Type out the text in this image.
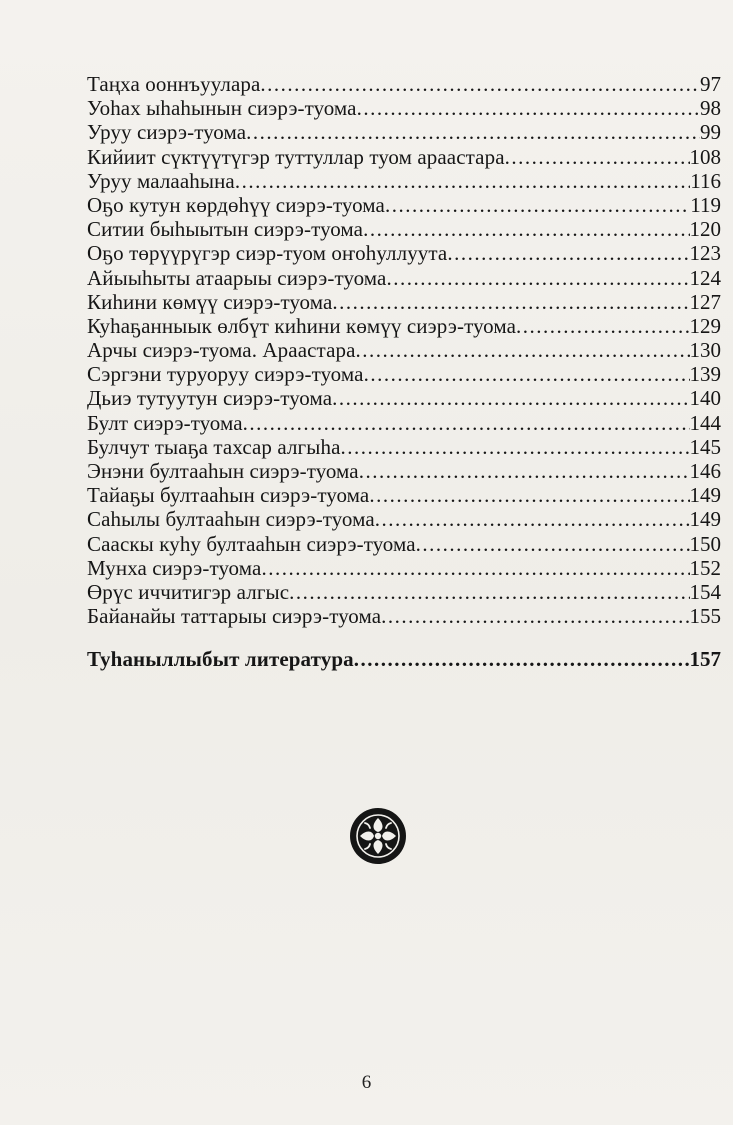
Таңха ооннъуулара .....	97
Уоһах ыһаһынын сиэрэ-туома .....	98
Уруу сиэрэ-туома .....	99
Кийиит сүктүүтүгэр туттуллар туом араастара .....	108
Уруу малааһына .....	116
Оҕо кутун көрдөһүү сиэрэ-туома .....	119
Ситии быһыытын сиэрэ-туома .....	120
Оҕо төрүүрүгэр сиэр-туом оҥоһуллуута .....	123
Айыыһыты атаарыы сиэрэ-туома .....	124
Киһини көмүү сиэрэ-туома .....	127
Куһаҕанныык өлбүт киһини көмүү сиэрэ-туома .....	129
Арчы сиэрэ-туома. Араастара .....	130
Сэргэни туруоруу сиэрэ-туома .....	139
Дьиэ тутуутун сиэрэ-туома .....	140
Булт сиэрэ-туома .....	144
Булчут тыаҕа тахсар алгыһа .....	145
Энэни бултааһын сиэрэ-туома .....	146
Тайаҕы бултааһын сиэрэ-туома .....	149
Саһылы бултааһын сиэрэ-туома .....	149
Сааскы куһу бултааһын сиэрэ-туома .....	150
Мунха сиэрэ-туома .....	152
Өрүс иччитигэр алгыс .....	154
Байанайы таттарыы сиэрэ-туома .....	155
Туһаныллыбыт литература .....	157
6
